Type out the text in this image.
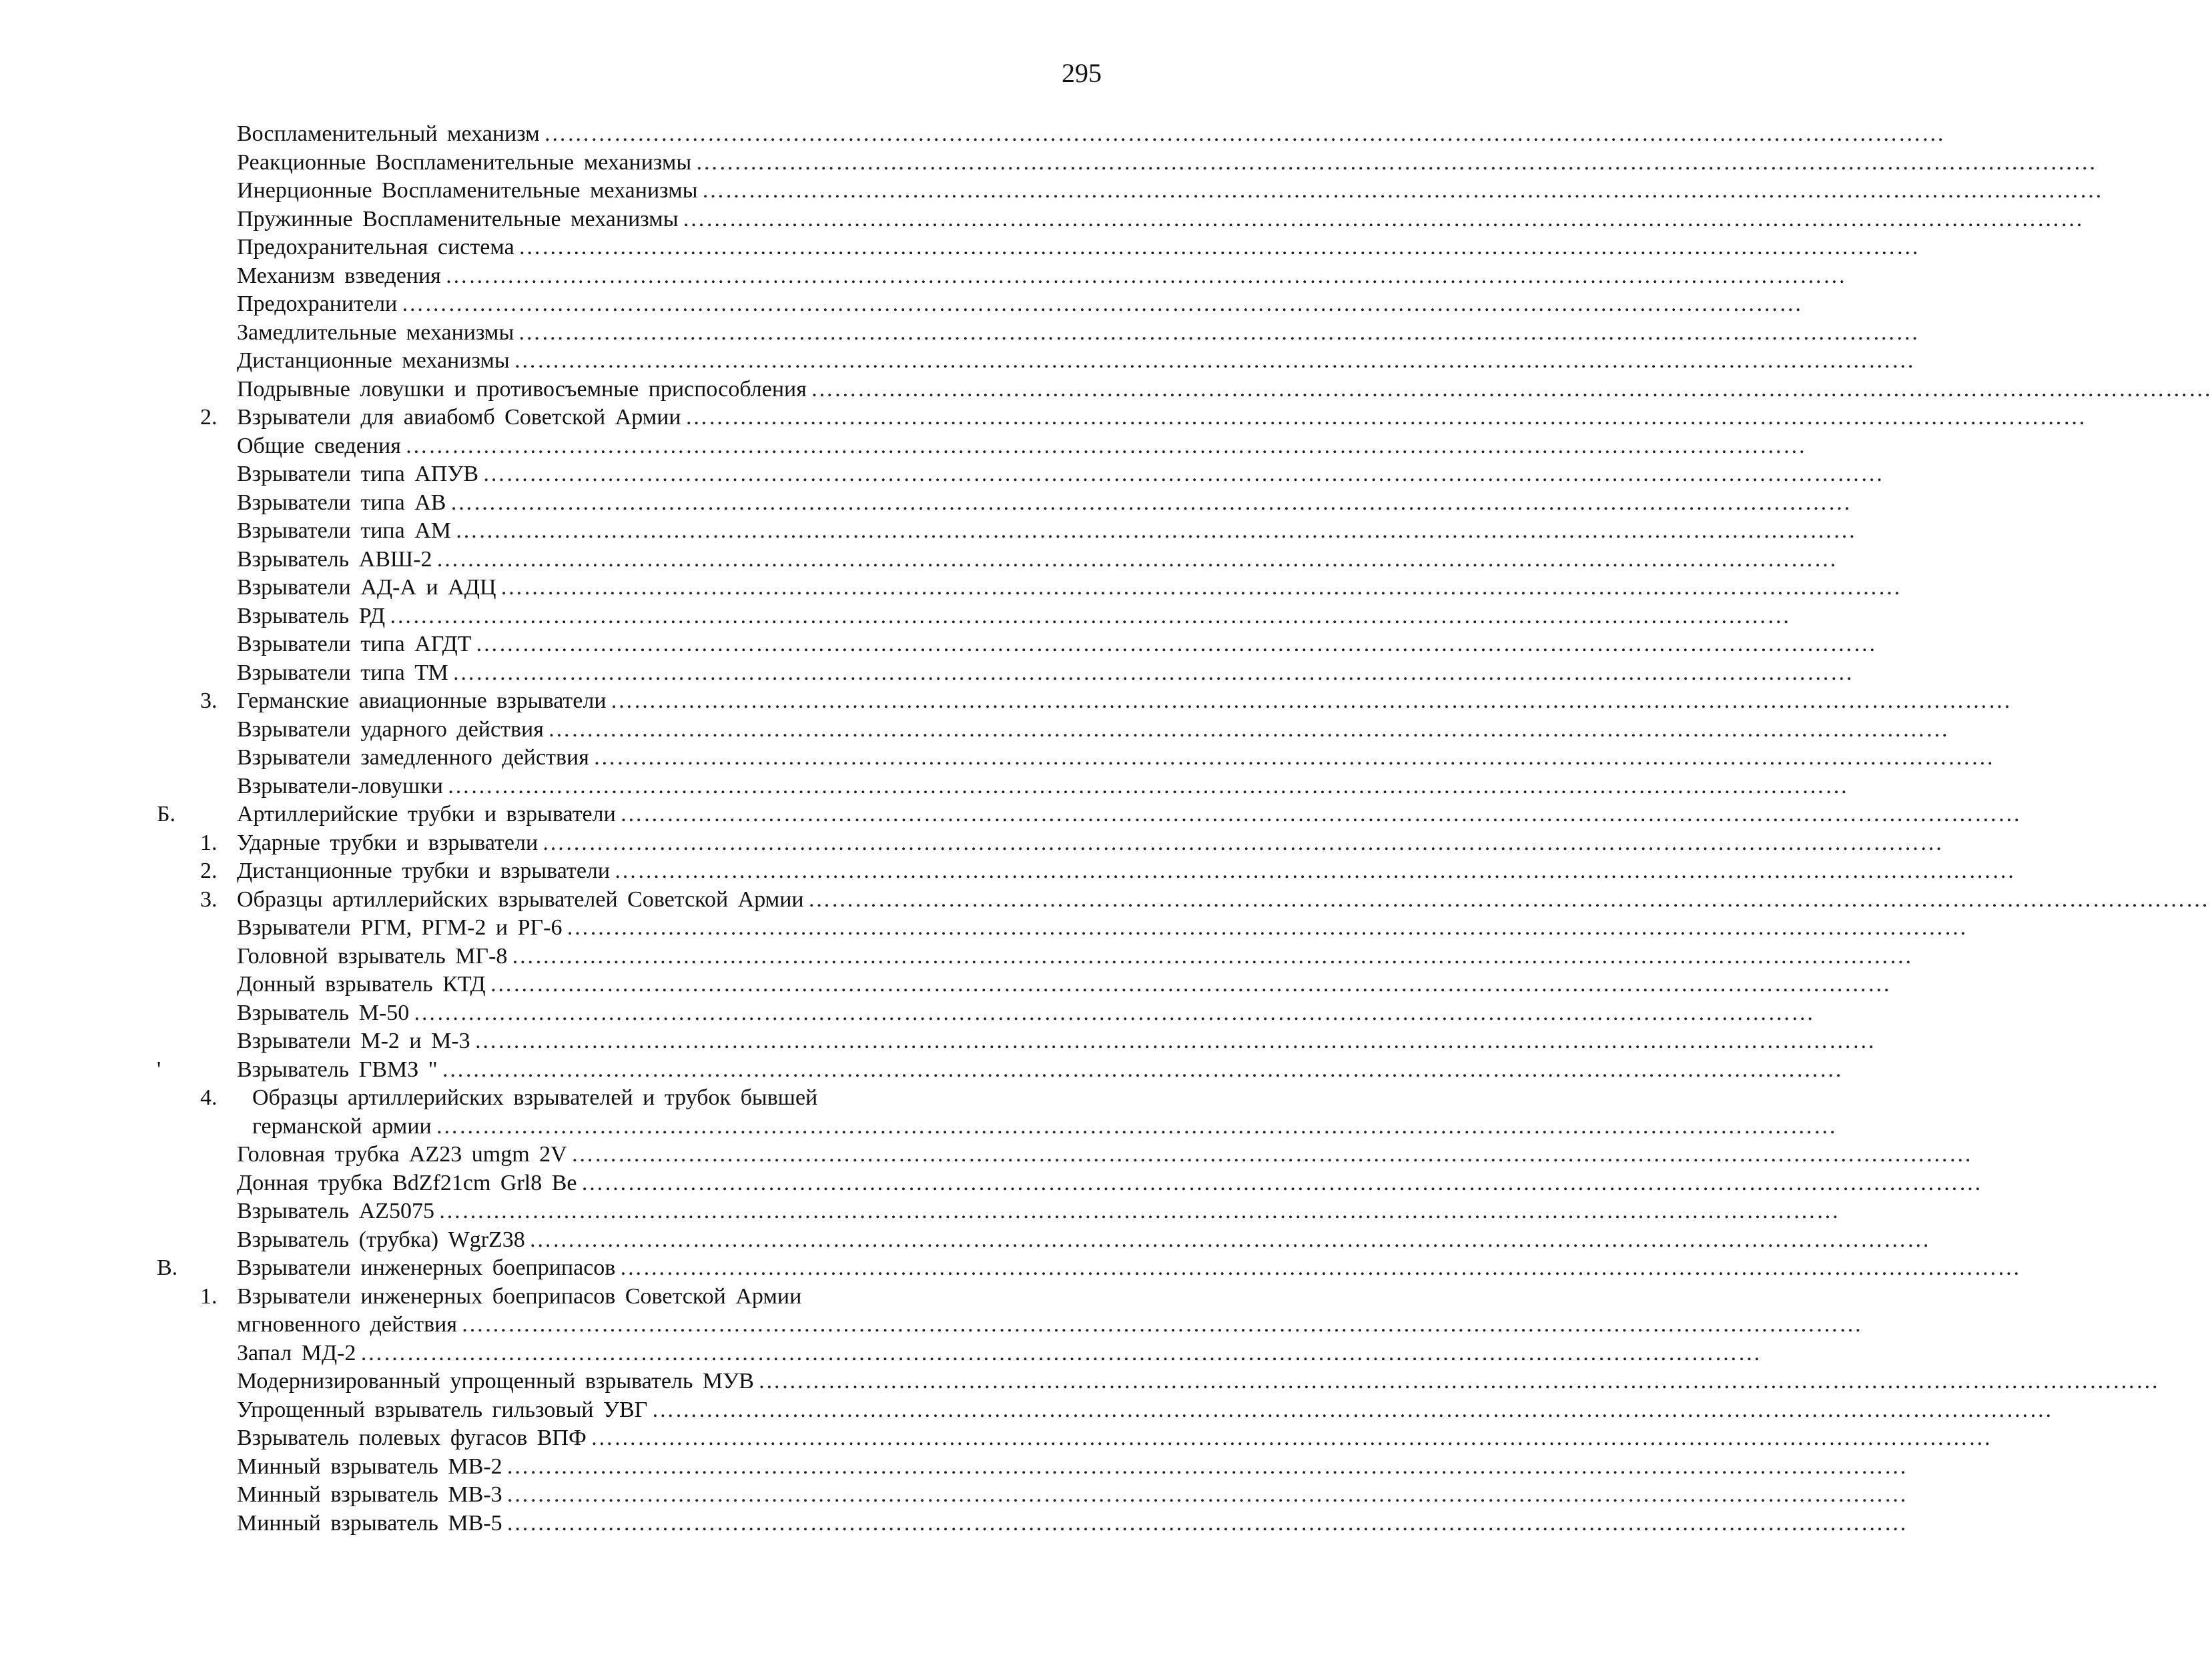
295
Воспламенительный механизм ………………………………………………………………………………………………………………………………………………………………
Реакционные Воспламенительные механизмы ………………………………………………………………………………………………………………………………………………………………
Инерционные Воспламенительные механизмы ………………………………………………………………………………………………………………………………………………………………
Пружинные Воспламенительные механизмы ………………………………………………………………………………………………………………………………………………………………
Предохранительная система ………………………………………………………………………………………………………………………………………………………………
Механизм взведения ………………………………………………………………………………………………………………………………………………………………
Предохранители ………………………………………………………………………………………………………………………………………………………………
Замедлительные механизмы ………………………………………………………………………………………………………………………………………………………………
Дистанционные механизмы ………………………………………………………………………………………………………………………………………………………………
Подрывные ловушки и противосъемные приспособления ………………………………………………………………………………………………………………………………………………………………
2. Взрыватели для авиабомб Советской Армии ………………………………………………………………………………………………………………………………………………………………
Общие сведения ………………………………………………………………………………………………………………………………………………………………
Взрыватели типа АПУВ ………………………………………………………………………………………………………………………………………………………………
Взрыватели типа АВ ………………………………………………………………………………………………………………………………………………………………
Взрыватели типа АМ ………………………………………………………………………………………………………………………………………………………………
Взрыватель АВШ-2 ………………………………………………………………………………………………………………………………………………………………
Взрыватели АД-А и АДЦ ………………………………………………………………………………………………………………………………………………………………
Взрыватель РД ………………………………………………………………………………………………………………………………………………………………
Взрыватели типа АГДТ ………………………………………………………………………………………………………………………………………………………………
Взрыватели типа ТМ ………………………………………………………………………………………………………………………………………………………………
3. Германские авиационные взрыватели ………………………………………………………………………………………………………………………………………………………………
Взрыватели ударного действия ………………………………………………………………………………………………………………………………………………………………
Взрыватели замедленного действия ………………………………………………………………………………………………………………………………………………………………
Взрыватели-ловушки ………………………………………………………………………………………………………………………………………………………………
Б.	Артиллерийские трубки и взрыватели ………………………………………………………………………………………………………………………………………………………………
1. Ударные трубки и взрыватели ………………………………………………………………………………………………………………………………………………………………
2. Дистанционные трубки и взрыватели ………………………………………………………………………………………………………………………………………………………………
3. Образцы артиллерийских взрывателей Советской Армии ………………………………………………………………………………………………………………………………………………………………
Взрыватели РГМ, РГМ-2 и РГ-6 ………………………………………………………………………………………………………………………………………………………………
Головной взрыватель МГ-8 ………………………………………………………………………………………………………………………………………………………………
Донный взрыватель КТД ………………………………………………………………………………………………………………………………………………………………
Взрыватель М-50 ………………………………………………………………………………………………………………………………………………………………
Взрыватели М-2 и М-3 ………………………………………………………………………………………………………………………………………………………………
'	Взрыватель ГВМЗ " ………………………………………………………………………………………………………………………………………………………………
4. Образцы артиллерийских взрывателей и трубок бывшей
германской армии ………………………………………………………………………………………………………………………………………………………………
Головная трубка AZ23 umgm 2V ………………………………………………………………………………………………………………………………………………………………
Донная трубка BdZf21cm Grl8 Be ………………………………………………………………………………………………………………………………………………………………
Взрыватель AZ5075 ………………………………………………………………………………………………………………………………………………………………
Взрыватель (трубка) WgrZ38 ………………………………………………………………………………………………………………………………………………………………
В.	Взрыватели инженерных боеприпасов ………………………………………………………………………………………………………………………………………………………………
1. Взрыватели инженерных боеприпасов Советской Армии
мгновенного действия ………………………………………………………………………………………………………………………………………………………………
Запал МД-2 ………………………………………………………………………………………………………………………………………………………………
Модернизированный упрощенный взрыватель МУВ ………………………………………………………………………………………………………………………………………………………………
Упрощенный взрыватель гильзовый УВГ ………………………………………………………………………………………………………………………………………………………………
Взрыватель полевых фугасов ВПФ ………………………………………………………………………………………………………………………………………………………………
Минный взрыватель МВ-2 ………………………………………………………………………………………………………………………………………………………………
Минный взрыватель МВ-3 ………………………………………………………………………………………………………………………………………………………………
Минный взрыватель МВ-5 ………………………………………………………………………………………………………………………………………………………………
